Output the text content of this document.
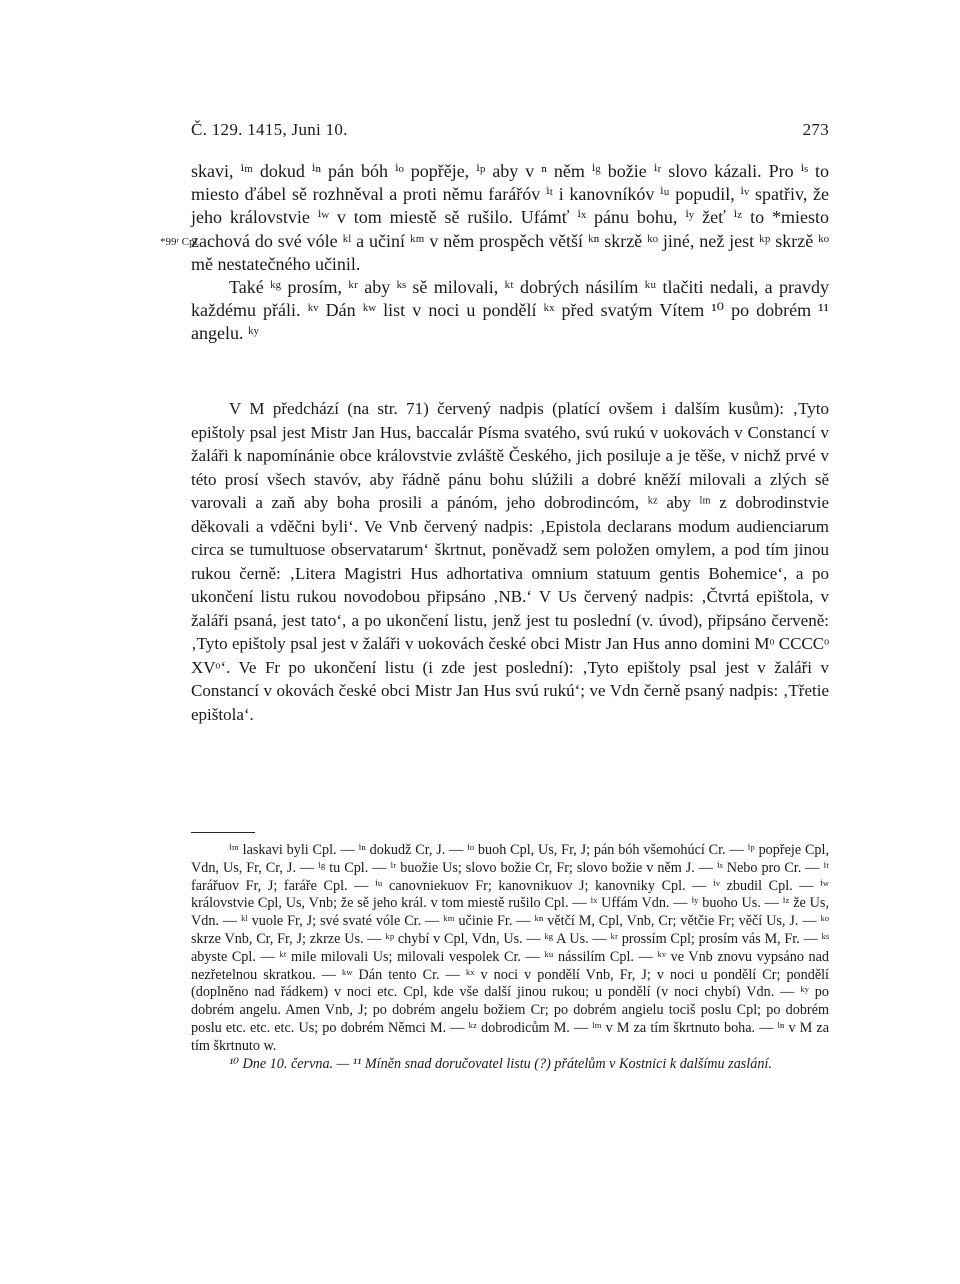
Č. 129. 1415, Juni 10.	273
*99ʳ Cpl

skavi, ⁱᵐ dokud ⁱⁿ pán bóh ⁱᵒ popřěje, ⁱᵖ aby v ⁿ něm ⁱᵍ božie ⁱʳ slovo kázali. Pro ⁱˢ to miesto ďábel sě rozhněval a proti němu farářóv ⁱᵗ i kanovníkóv ⁱᵘ popudil, ⁱᵛ spatřiv, že jeho královstvie ⁱʷ v tom miestě sě rušilo. Ufámť ⁱˣ pánu bohu, ⁱʸ žeť ⁱᶻ to *miesto zachová do své vóle ᵏˡ a učiní ᵏᵐ v něm prospěch větší ᵏⁿ skrzě ᵏᵒ jiné, než jest ᵏᵖ skrzě ᵏᵒ mě nestatečného učinil.

Také ᵏᵍ prosím, ᵏʳ aby ᵏˢ sě milovali, ᵏᵗ dobrých násilím ᵏᵘ tlačiti nedali, a pravdy každému přáli. ᵏᵛ Dán ᵏʷ list v noci u pondělí ᵏˣ před svatým Vítem ¹⁰ po dobrém ¹¹ angelu. ᵏʸ

V M předchází (na str. 71) červený nadpis (platící ovšem i dalším kusům): ‚Tyto epištoly psal jest Mistr Jan Hus, baccalár Písma svatého, svú rukú v uokovách v Constancí v žaláři k napomínánie obce královstvie zvláště Českého, jich posiluje a je těše, v nichž prvé v této prosí všech stavóv, aby řádně pánu bohu slúžili a dobré kněží milovali a zlých sě varovali a zaň aby boha prosili a pánóm, jeho dobrodincóm, ᵏᶻ aby ˡᵐ z dobrodinstvie děkovali a vděčni byli‘. Ve Vnb červený nadpis: ‚Epistola declarans modum audienciarum circa se tumultuose observatarum‘ škrtnut, poněvadž sem položen omylem, a pod tím jinou rukou černě: ‚Litera Magistri Hus adhortativa omnium statuum gentis Bohemice‘, a po ukončení listu rukou novodobou připsáno ‚NB.‘ V Us červený nadpis: ‚Čtvrtá epištola, v žaláři psaná, jest tato‘, a po ukončení listu, jenž jest tu poslední (v. úvod), připsáno červeně: ‚Tyto epištoly psal jest v žaláři v uokovách české obci Mistr Jan Hus anno domini Mᵒ CCCCᵒ XVᵒ‘. Ve Fr po ukončení listu (i zde jest poslední): ‚Tyto epištoly psal jest v žaláři v Constancí v okovách české obci Mistr Jan Hus svú rukú‘; ve Vdn černě psaný nadpis: ‚Třetie epištola‘.

ⁱᵐ laskavi byli Cpl. — ⁱⁿ dokudž Cr, J. — ⁱᵒ buoh Cpl, Us, Fr, J; pán bóh všemohúcí Cr. — ⁱᵖ popřeje Cpl, Vdn, Us, Fr, Cr, J. — ⁱᵍ tu Cpl. — ⁱʳ buožie Us; slovo božie Cr, Fr; slovo božie v něm J. — ⁱˢ Nebo pro Cr. — ⁱᵗ farářuov Fr, J; faráře Cpl. — ⁱᵘ canovniekuov Fr; kanovnikuov J; kanovniky Cpl. — ⁱᵛ zbudil Cpl. — ⁱʷ královstvie Cpl, Us, Vnb; že sě jeho král. v tom miestě rušilo Cpl. — ⁱˣ Uffám Vdn. — ⁱʸ buoho Us. — ⁱᶻ že Us, Vdn. — ᵏˡ vuole Fr, J; své svaté vóle Cr. — ᵏᵐ učinie Fr. — ᵏⁿ větčí M, Cpl, Vnb, Cr; větčie Fr; věčí Us, J. — ᵏᵒ skrze Vnb, Cr, Fr, J; zkrze Us. — ᵏᵖ chybí v Cpl, Vdn, Us. — ᵏᵍ A Us. — ᵏʳ prossím Cpl; prosím vás M, Fr. — ᵏˢ abyste Cpl. — ᵏᵗ mile milovali Us; milovali vespolek Cr. — ᵏᵘ nássilím Cpl. — ᵏᵛ ve Vnb znovu vypsáno nad nezřetelnou skratkou. — ᵏʷ Dán tento Cr. — ᵏˣ v noci v pondělí Vnb, Fr, J; v noci u pondělí Cr; pondělí (doplněno nad řádkem) v noci etc. Cpl, kde vše další jinou rukou; u pondělí (v noci chybí) Vdn. — ᵏʸ po dobrém angelu. Amen Vnb, J; po dobrém angelu božiem Cr; po dobrém angielu tociš poslu Cpl; po dobrém poslu etc. etc. etc. Us; po dobrém Němci M. — ᵏᶻ dobrodicům M. — ˡᵐ v M za tím škrtnuto boha. — ˡⁿ v M za tím škrtnuto w.

¹⁰ Dne 10. června. — ¹¹ Míněn snad doručovatel listu (?) přátelům v Kostnici k dalšímu zaslání.
